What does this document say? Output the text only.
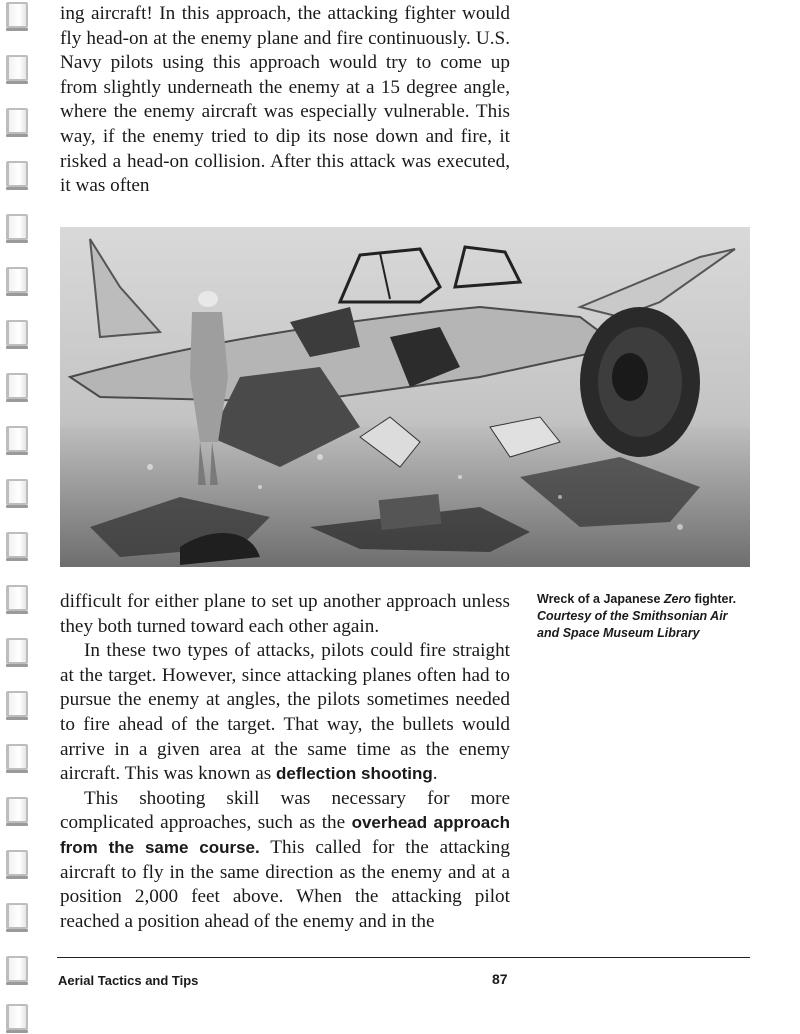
ing aircraft! In this approach, the attacking fighter would fly head-on at the enemy plane and fire continuously. U.S. Navy pilots using this approach would try to come up from slightly underneath the enemy at a 15 degree angle, where the enemy aircraft was especially vulnerable. This way, if the enemy tried to dip its nose down and fire, it risked a head-on collision. After this attack was executed, it was often

difficult for either plane to set up another approach unless they both turned toward each other again.

In these two types of attacks, pilots could fire straight at the target. However, since attacking planes often had to pursue the enemy at angles, the pilots sometimes needed to fire ahead of the target. That way, the bullets would arrive in a given area at the same time as the enemy aircraft. This was known as deflection shooting.

This shooting skill was necessary for more complicated approaches, such as the overhead approach from the same course. This called for the attacking aircraft to fly in the same direction as the enemy and at a position 2,000 feet above. When the attacking pilot reached a position ahead of the enemy and in the

Wreck of a Japanese Zero fighter. Courtesy of the Smithsonian Air and Space Museum Library

Aerial Tactics and Tips	87
